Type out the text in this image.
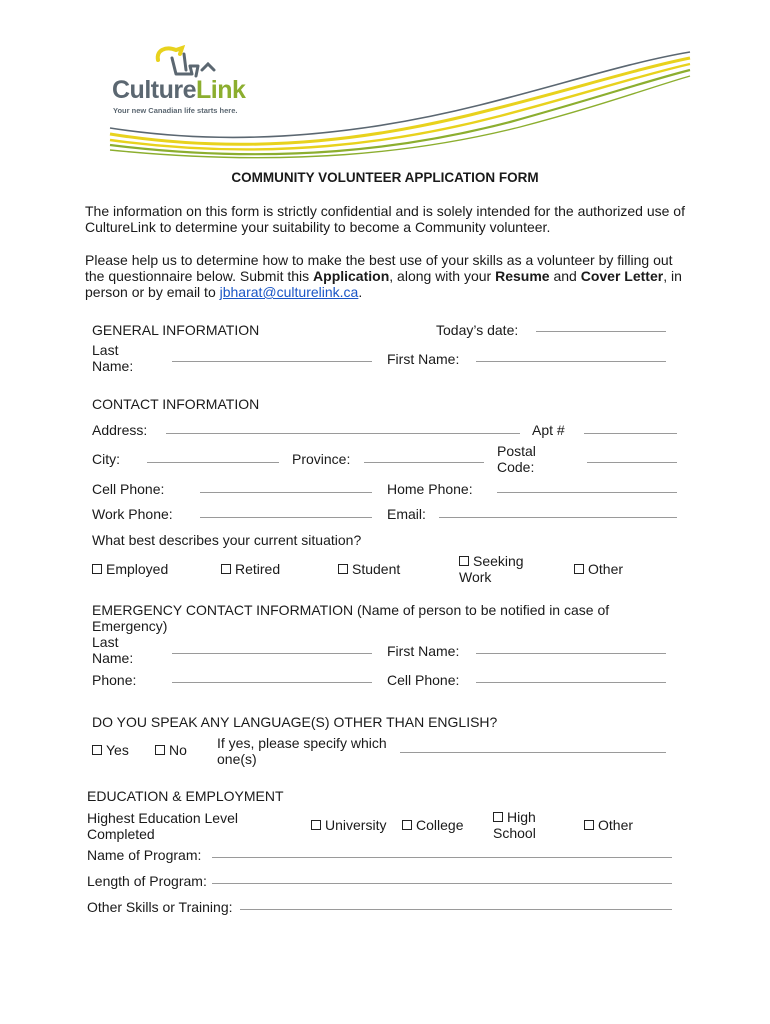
CultureLink
Your new Canadian life starts here.
COMMUNITY VOLUNTEER APPLICATION FORM
The information on this form is strictly confidential and is solely intended for the authorized use of CultureLink to determine your suitability to become a Community volunteer.
Please help us to determine how to make the best use of your skills as a volunteer by filling out the questionnaire below. Submit this Application, along with your Resume and Cover Letter, in person or by email to jbharat@culturelink.ca.
GENERAL INFORMATION	Today’s date:
Last Name:	First Name:
CONTACT INFORMATION
Address:	Apt #
City:	Province:	Postal Code:
Cell Phone:	Home Phone:
Work Phone:	Email:
What best describes your current situation?
Employed	Retired	Student	Seeking Work	Other
EMERGENCY CONTACT INFORMATION (Name of person to be notified in case of Emergency)
Last Name:	First Name:
Phone:	Cell Phone:
DO YOU SPEAK ANY LANGUAGE(S) OTHER THAN ENGLISH?
Yes	No If yes, please specify which one(s)
EDUCATION & EMPLOYMENT
Highest Education Level Completed
University	College	High School	Other
Name of Program:
Length of Program:
Other Skills or Training:
